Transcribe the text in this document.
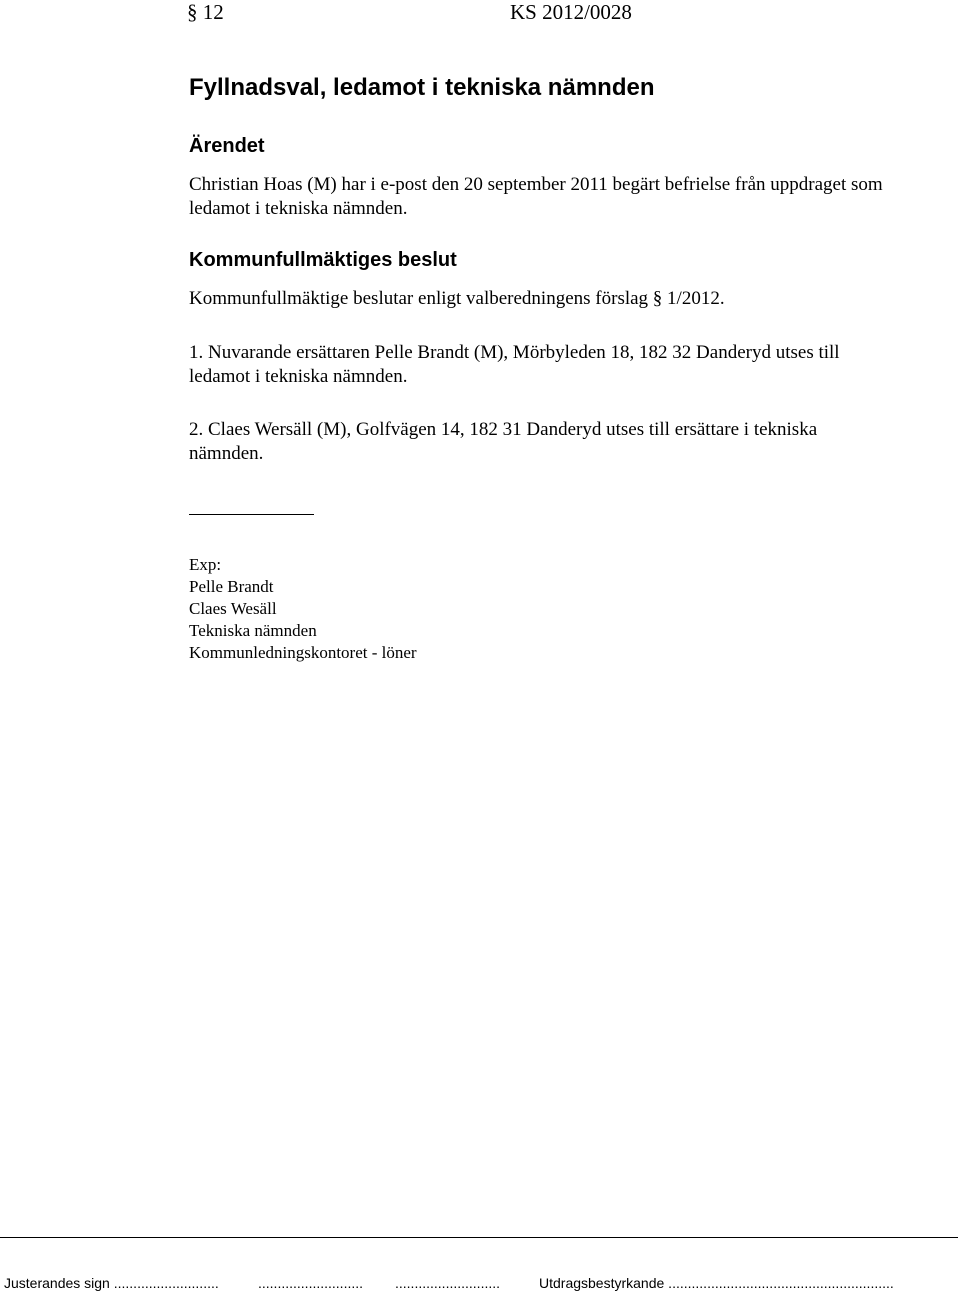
§ 12	KS 2012/0028
Fyllnadsval, ledamot i tekniska nämnden
Ärendet
Christian Hoas (M) har i e-post den 20 september 2011 begärt befrielse från uppdraget som ledamot i tekniska nämnden.
Kommunfullmäktiges beslut
Kommunfullmäktige beslutar enligt valberedningens förslag § 1/2012.
1. Nuvarande ersättaren Pelle Brandt (M), Mörbyleden 18, 182 32 Danderyd utses till ledamot i tekniska nämnden.
2. Claes Wersäll (M), Golfvägen 14, 182 31 Danderyd utses till ersättare i tekniska nämnden.
Exp:
Pelle Brandt
Claes Wesäll
Tekniska nämnden
Kommunledningskontoret - löner
Justerandes sign ...........................	........................... ...........................	Utdragsbestyrkande ..........................................................
